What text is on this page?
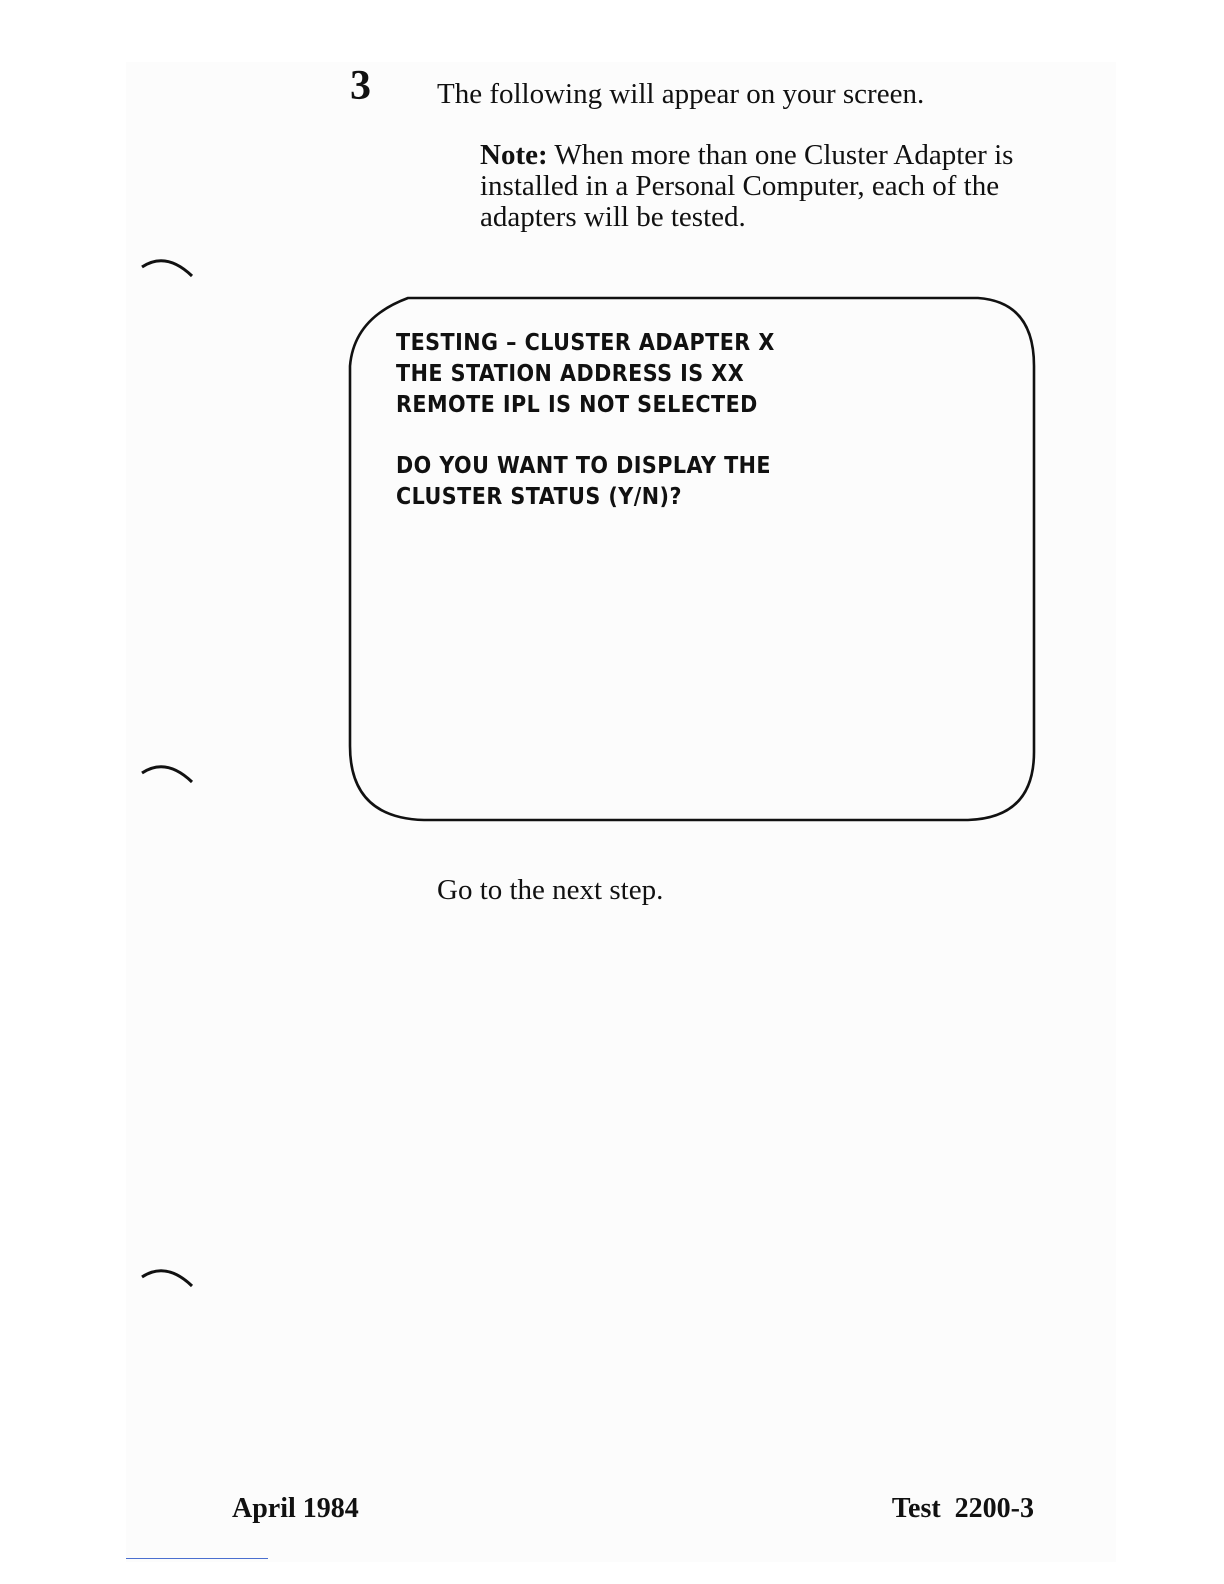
3 The following will appear on your screen.
Note: When more than one Cluster Adapter is installed in a Personal Computer, each of the adapters will be tested.
TESTING – CLUSTER ADAPTER X
THE STATION ADDRESS IS XX
REMOTE IPL IS NOT SELECTED
DO YOU WANT TO DISPLAY THE
CLUSTER STATUS (Y/N)?
Go to the next step.
April 1984	Test  2200-3
